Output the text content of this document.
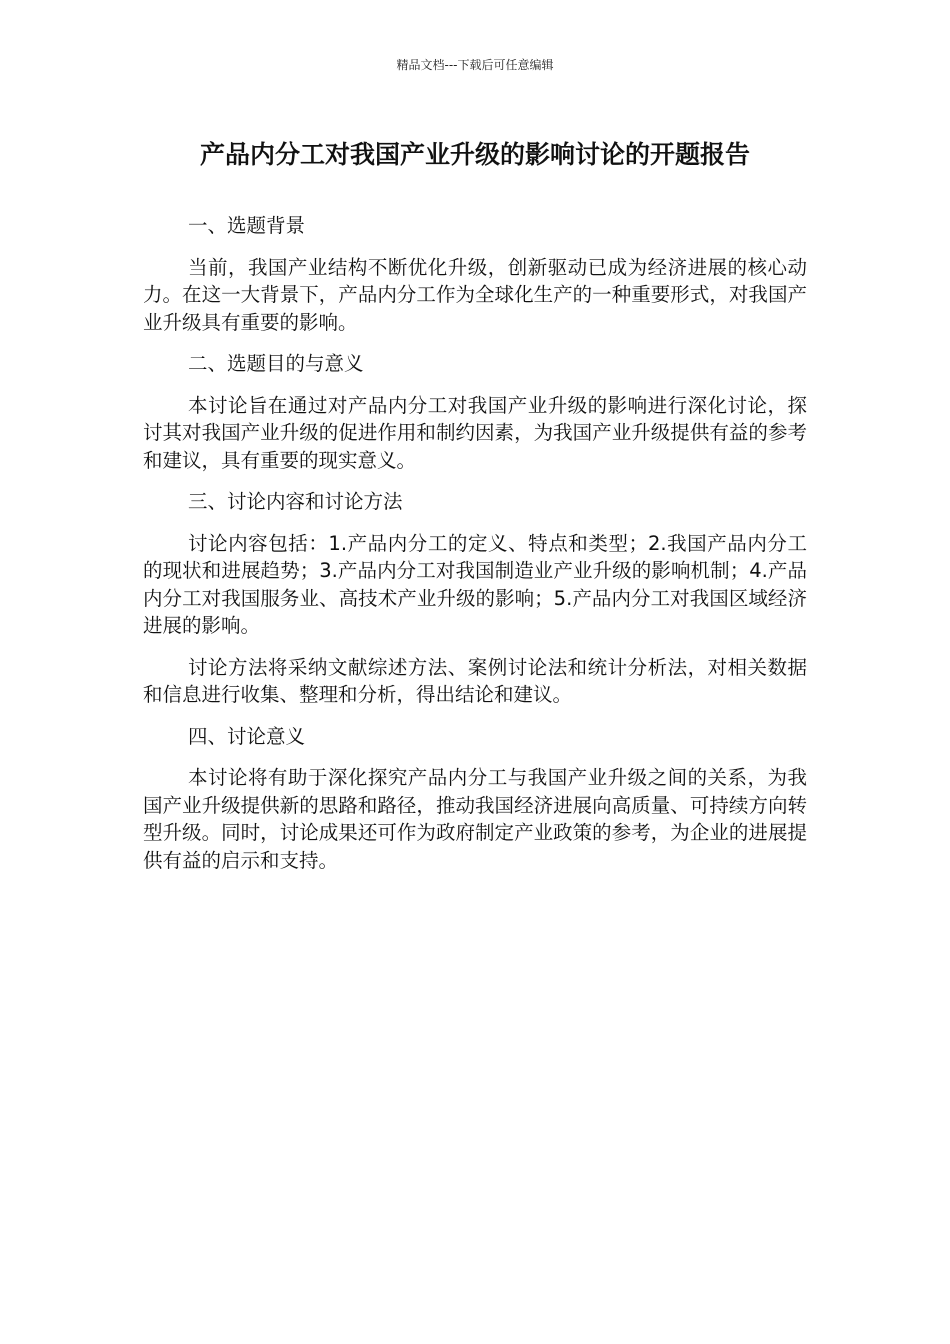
精品文档---下载后可任意编辑
产品内分工对我国产业升级的影响讨论的开题报告

一、选题背景

当前，我国产业结构不断优化升级，创新驱动已成为经济进展的核心动力。在这一大背景下，产品内分工作为全球化生产的一种重要形式，对我国产业升级具有重要的影响。

二、选题目的与意义

本讨论旨在通过对产品内分工对我国产业升级的影响进行深化讨论，探讨其对我国产业升级的促进作用和制约因素，为我国产业升级提供有益的参考和建议，具有重要的现实意义。

三、讨论内容和讨论方法

讨论内容包括：1.产品内分工的定义、特点和类型；2.我国产品内分工的现状和进展趋势；3.产品内分工对我国制造业产业升级的影响机制；4.产品内分工对我国服务业、高技术产业升级的影响；5.产品内分工对我国区域经济进展的影响。

讨论方法将采纳文献综述方法、案例讨论法和统计分析法，对相关数据和信息进行收集、整理和分析，得出结论和建议。

四、讨论意义

本讨论将有助于深化探究产品内分工与我国产业升级之间的关系，为我国产业升级提供新的思路和路径，推动我国经济进展向高质量、可持续方向转型升级。同时，讨论成果还可作为政府制定产业政策的参考，为企业的进展提供有益的启示和支持。
